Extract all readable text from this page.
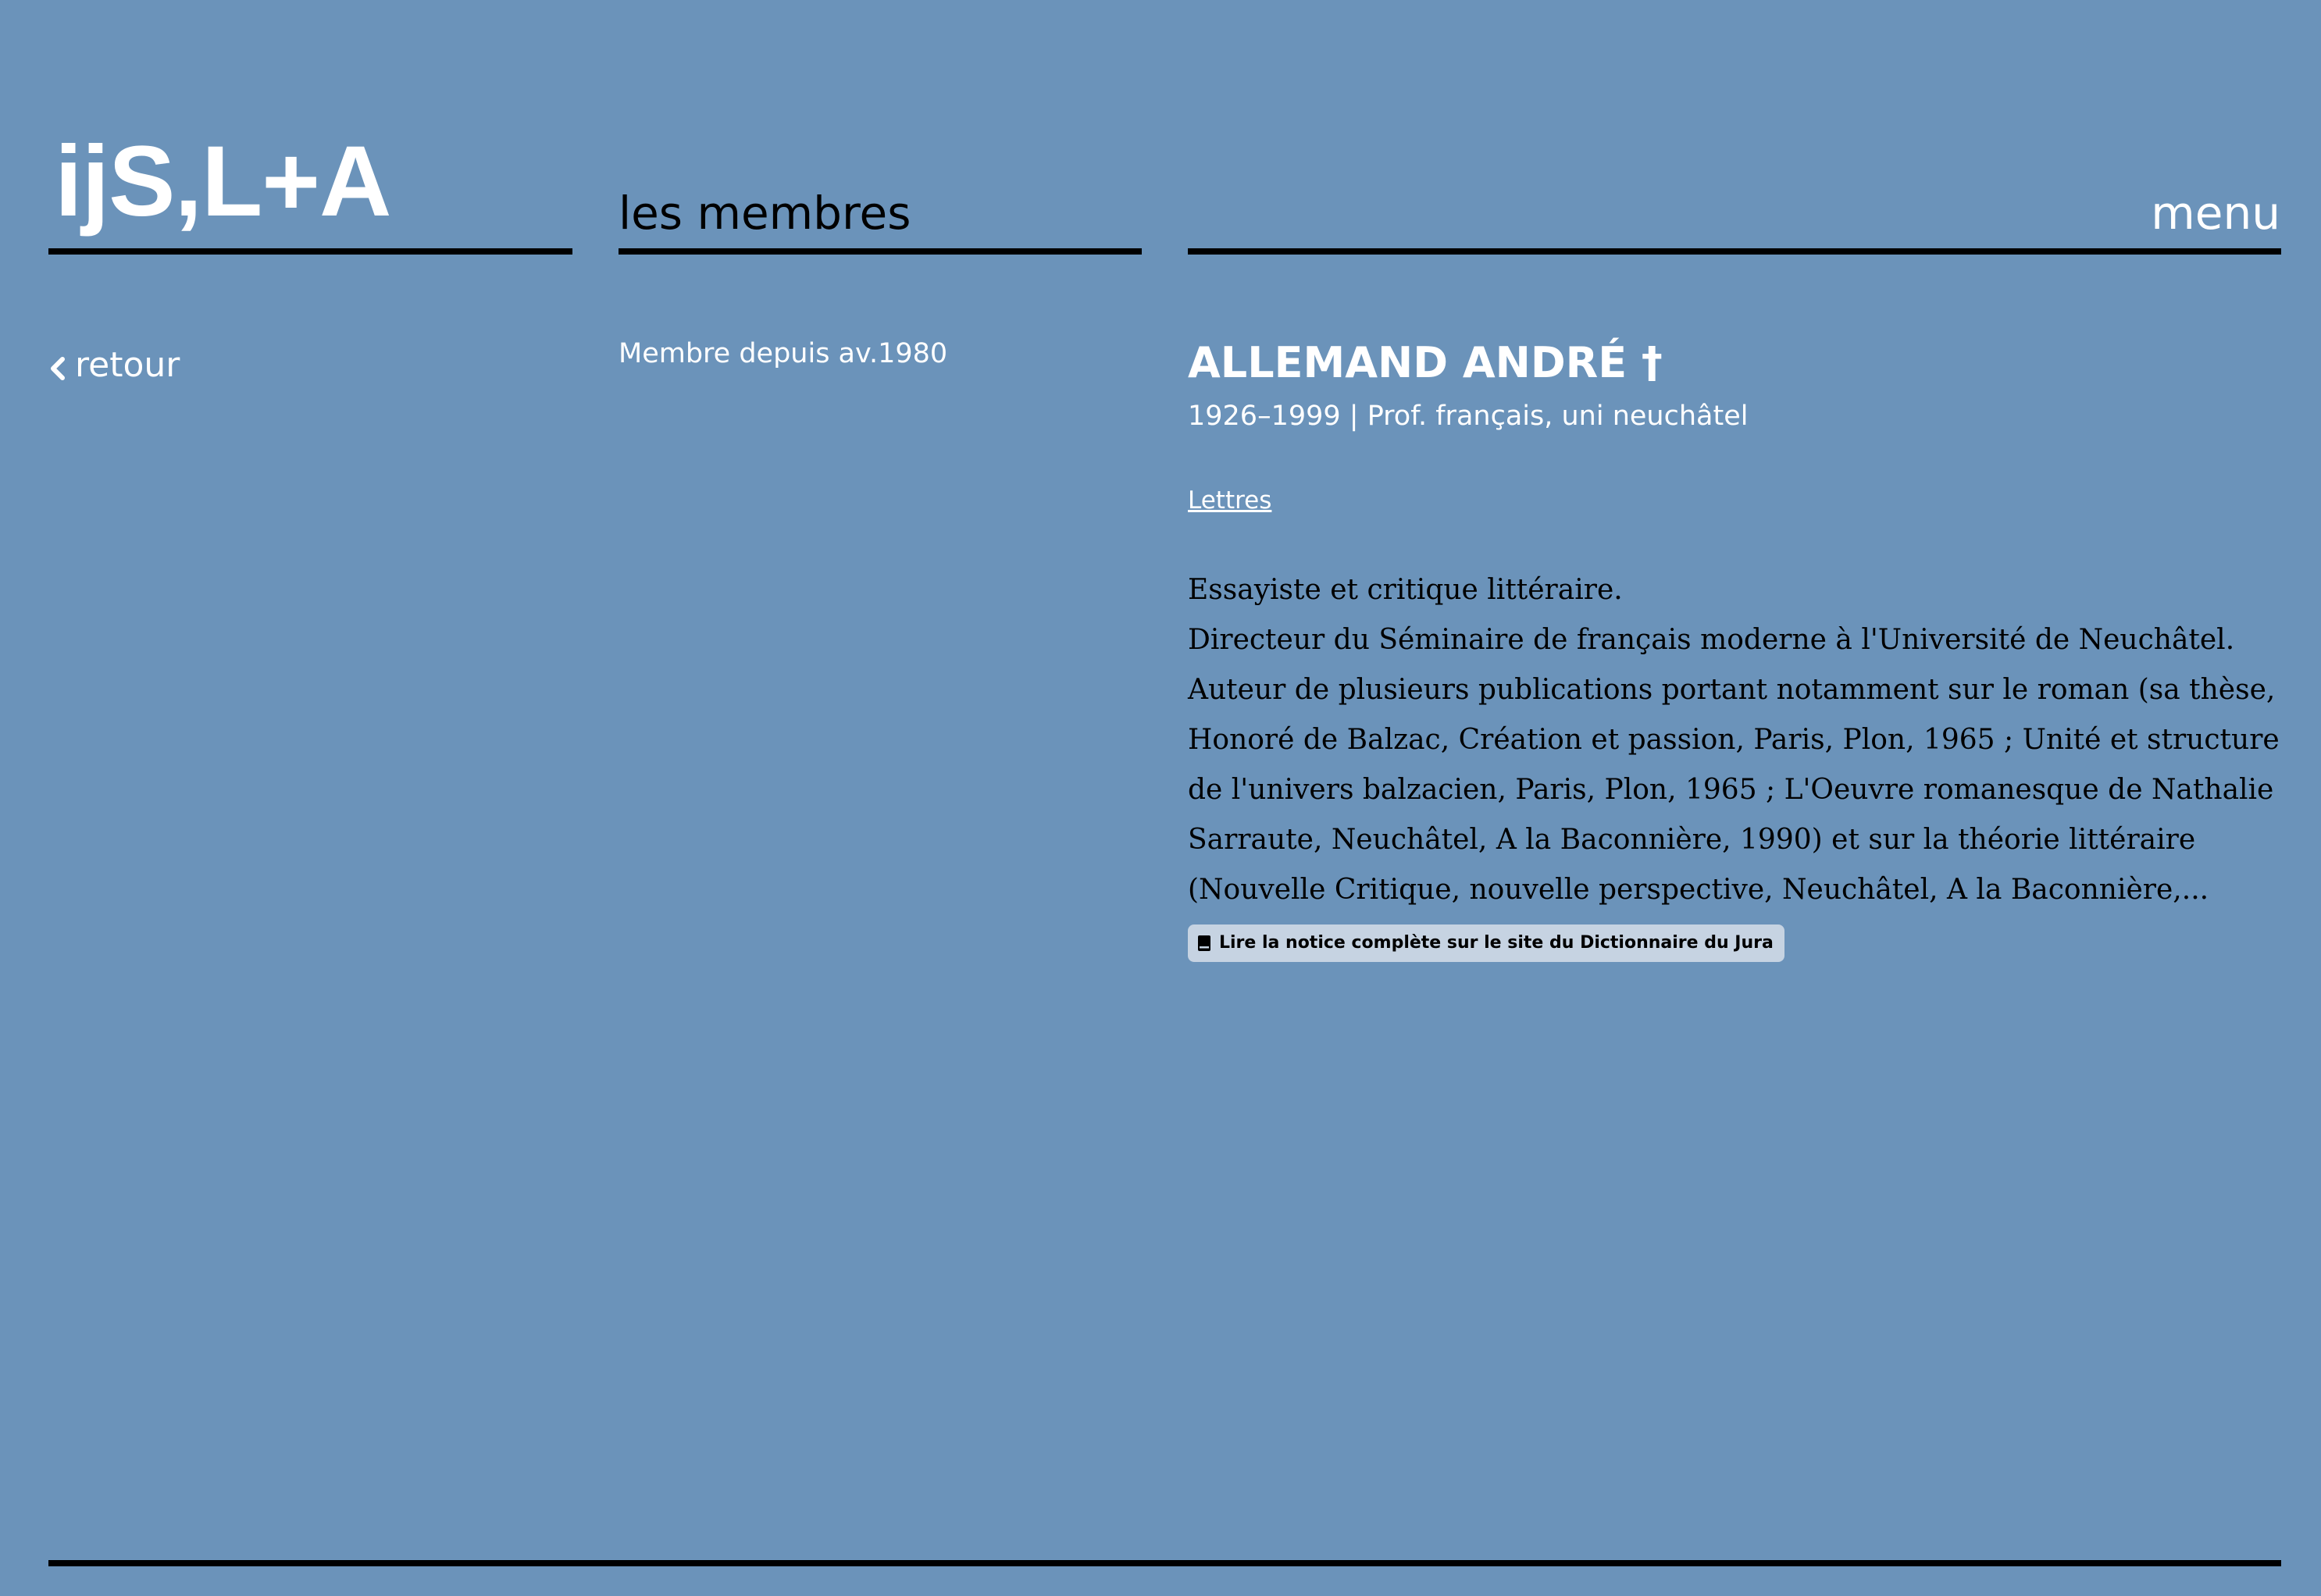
ijS,L+A	les membres	menu
retour	Membre depuis av.1980	ALLEMAND ANDRÉ †
1926–1999 | Prof. français, uni neuchâtel
Lettres
Essayiste et critique littéraire.
Directeur du Séminaire de français moderne à l'Université de Neuchâtel.
Auteur de plusieurs publications portant notamment sur le roman (sa thèse,
Honoré de Balzac, Création et passion, Paris, Plon, 1965 ; Unité et structure
de l'univers balzacien, Paris, Plon, 1965 ; L'Oeuvre romanesque de Nathalie
Sarraute, Neuchâtel, A la Baconnière, 1990) et sur la théorie littéraire
(Nouvelle Critique, nouvelle perspective, Neuchâtel, A la Baconnière,...
Lire la notice complète sur le site du Dictionnaire du Jura
